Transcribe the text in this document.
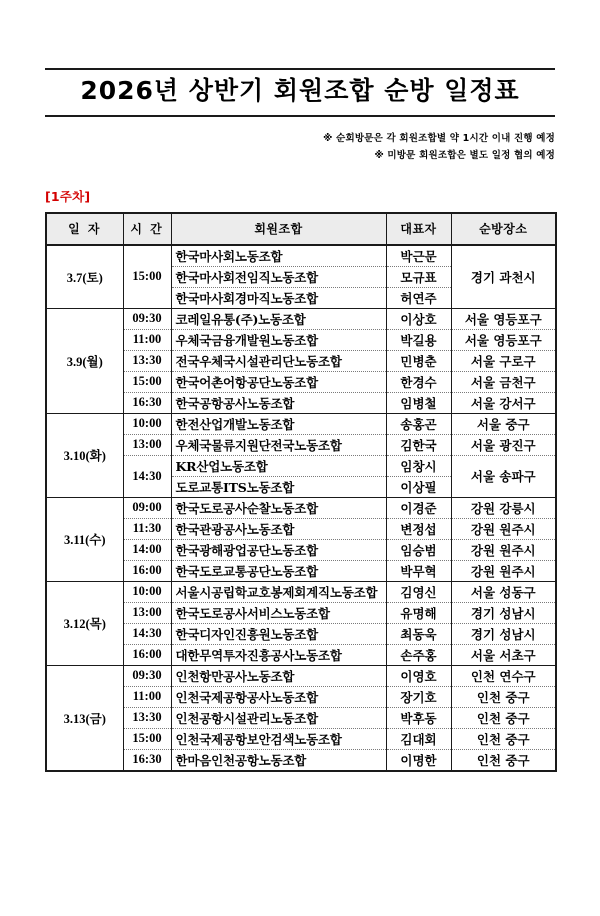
2026년 상반기 회원조합 순방 일정표
※ 순회방문은 각 회원조합별 약 1시간 이내 진행 예정
※ 미방문 회원조합은 별도 일정 협의 예정
[1주차]
일 자	시 간	회원조합	대표자	순방장소
3.7(토)	15:00	한국마사회노동조합	박근문	경기 과천시
		한국마사회전임직노동조합	모규표	
		한국마사회경마직노동조합	허연주	
3.9(월)	09:30	코레일유통(주)노동조합	이상호	서울 영등포구
	11:00	우체국금융개발원노동조합	박길용	서울 영등포구
	13:30	전국우체국시설관리단노동조합	민병춘	서울 구로구
	15:00	한국어촌어항공단노동조합	한경수	서울 금천구
	16:30	한국공항공사노동조합	임병철	서울 강서구
3.10(화)	10:00	한전산업개발노동조합	송홍곤	서울 중구
	13:00	우체국물류지원단전국노동조합	김한국	서울 광진구
	14:30	KR산업노동조합	임창시	서울 송파구
		도로교통ITS노동조합	이상필	
3.11(수)	09:00	한국도로공사순찰노동조합	이경준	강원 강릉시
	11:30	한국관광공사노동조합	변정섭	강원 원주시
	14:00	한국광해광업공단노동조합	임승범	강원 원주시
	16:00	한국도로교통공단노동조합	박무혁	강원 원주시
3.12(목)	10:00	서울시공립학교호봉제회계직노동조합	김영신	서울 성동구
	13:00	한국도로공사서비스노동조합	유명해	경기 성남시
	14:30	한국디자인진흥원노동조합	최동욱	경기 성남시
	16:00	대한무역투자진흥공사노동조합	손주홍	서울 서초구
3.13(금)	09:30	인천항만공사노동조합	이영호	인천 연수구
	11:00	인천국제공항공사노동조합	장기호	인천 중구
	13:30	인천공항시설관리노동조합	박후동	인천 중구
	15:00	인천국제공항보안검색노동조합	김대회	인천 중구
	16:30	한마음인천공항노동조합	이명한	인천 중구
